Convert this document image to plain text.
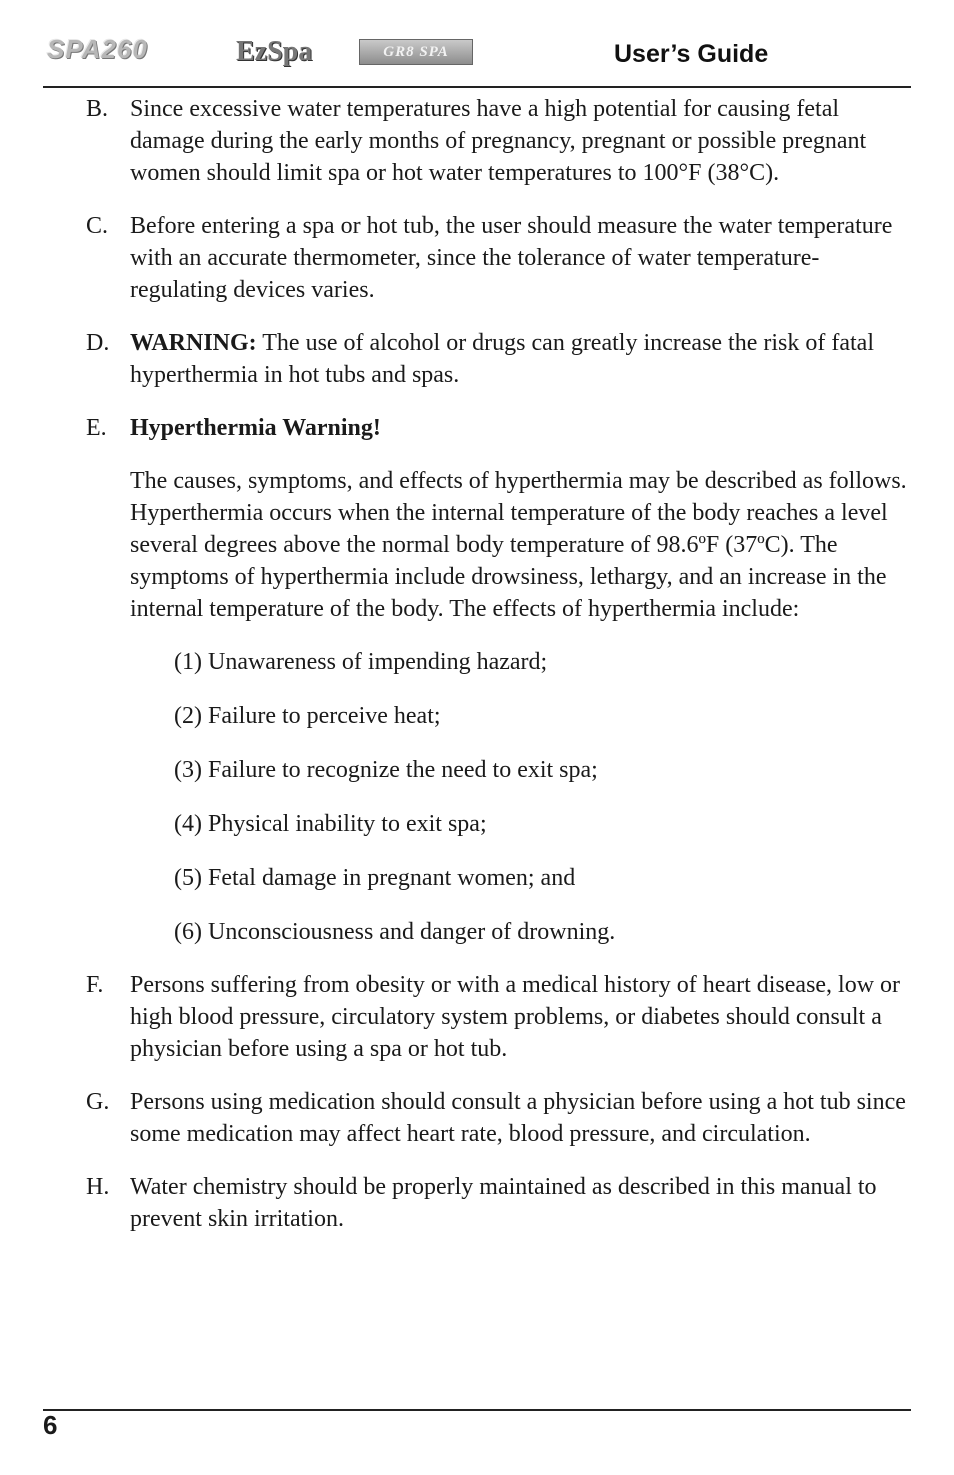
SPA260	EzSpa	GR8 SPA	User’s Guide
B. Since excessive water temperatures have a high potential for causing fetal damage during the early months of pregnancy, pregnant or possible pregnant women should limit spa or hot water temperatures to 100°F (38°C).
C. Before entering a spa or hot tub, the user should measure the water temperature with an accurate thermometer, since the tolerance of water temperature-regulating devices varies.
D. WARNING: The use of alcohol or drugs can greatly increase the risk of fatal hyperthermia in hot tubs and spas.
E. Hyperthermia Warning!

The causes, symptoms, and effects of hyperthermia may be described as follows. Hyperthermia occurs when the internal temperature of the body reaches a level several degrees above the normal body temperature of 98.6ºF (37ºC). The symptoms of hyperthermia include drowsiness, lethargy, and an increase in the internal temperature of the body. The effects of hyperthermia include:

(1) Unawareness of impending hazard;
(2) Failure to perceive heat;
(3) Failure to recognize the need to exit spa;
(4) Physical inability to exit spa;
(5) Fetal damage in pregnant women; and
(6) Unconsciousness and danger of drowning.
F. Persons suffering from obesity or with a medical history of heart disease, low or high blood pressure, circulatory system problems, or diabetes should consult a physician before using a spa or hot tub.
G. Persons using medication should consult a physician before using a hot tub since some medication may affect heart rate, blood pressure, and circulation.
H. Water chemistry should be properly maintained as described in this manual to prevent skin irritation.
6
